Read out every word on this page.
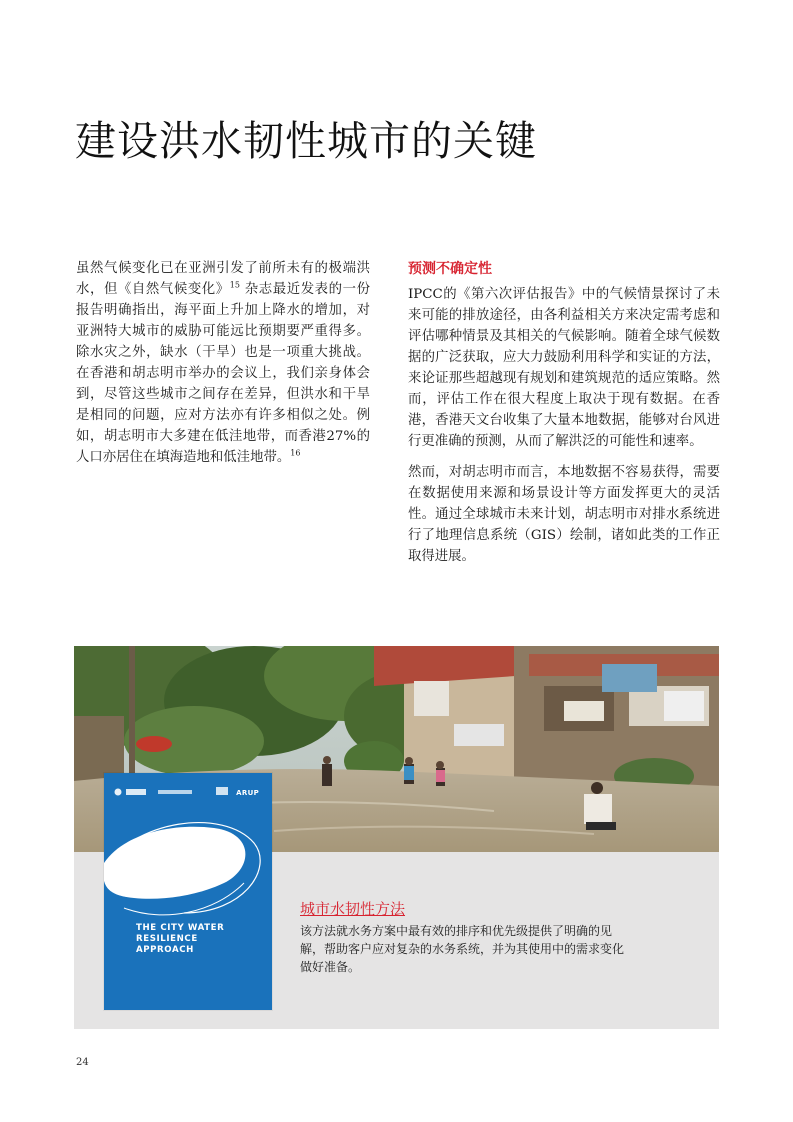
建设洪水韧性城市的关键

虽然气候变化已在亚洲引发了前所未有的极端洪水，但《自然气候变化》$^{15}$ 杂志最近发表的一份报告明确指出，海平面上升加上降水的增加，对亚洲特大城市的威胁可能远比预期要严重得多。除水灾之外，缺水（干旱）也是一项重大挑战。在香港和胡志明市举办的会议上，我们亲身体会到，尽管这些城市之间存在差异，但洪水和干旱是相同的问题，应对方法亦有许多相似之处。例如，胡志明市大多建在低洼地带，而香港27%的人口亦居住在填海造地和低洼地带。$^{16}$

预测不确定性

IPCC的《第六次评估报告》中的气候情景探讨了未来可能的排放途径，由各利益相关方来决定需考虑和评估哪种情景及其相关的气候影响。随着全球气候数据的广泛获取，应大力鼓励利用科学和实证的方法，来论证那些超越现有规划和建筑规范的适应策略。然而，评估工作在很大程度上取决于现有数据。在香港，香港天文台收集了大量本地数据，能够对台风进行更准确的预测，从而了解洪泛的可能性和速率。

然而，对胡志明市而言，本地数据不容易获得，需要在数据使用来源和场景设计等方面发挥更大的灵活性。通过全球城市未来计划，胡志明市对排水系统进行了地理信息系统（GIS）绘制，诸如此类的工作正取得进展。

ARUP
THE CITY WATER
RESILIENCE
APPROACH
城市水韧性方法

该方法就水务方案中最有效的排序和优先级提供了明确的见解，帮助客户应对复杂的水务系统，并为其使用中的需求变化做好准备。

24
